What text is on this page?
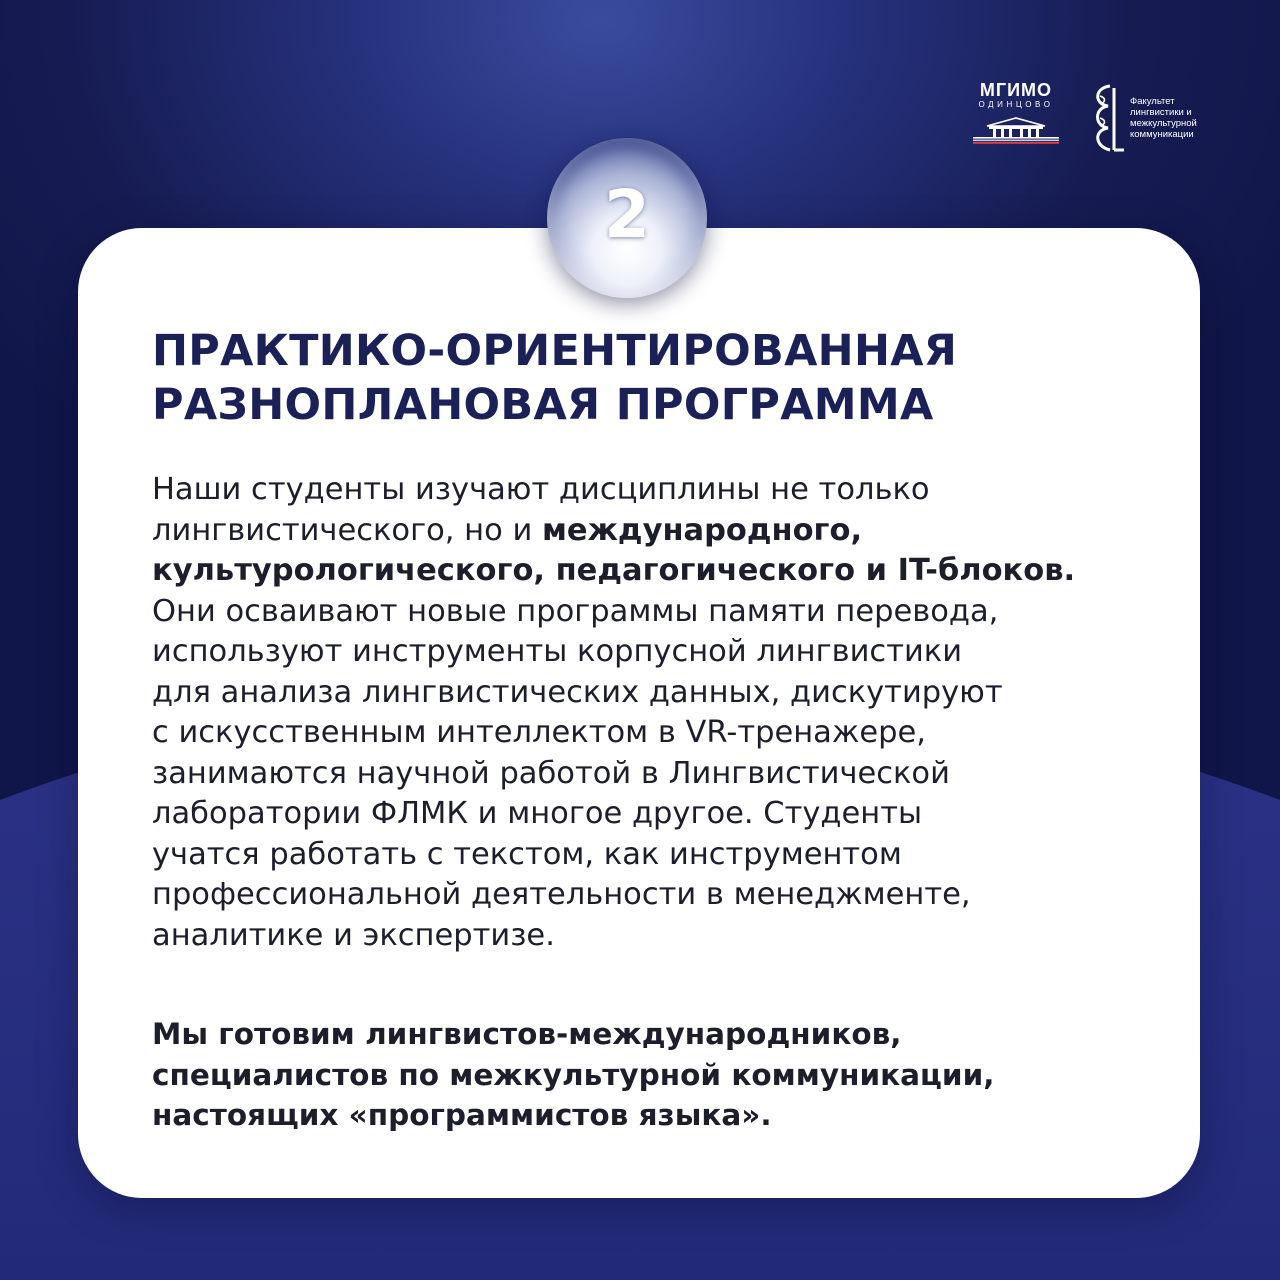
МГИМО
ОДИНЦОВО	Факультет
лингвистики и
межкультурной
коммуникации
2
ПРАКТИКО-ОРИЕНТИРОВАННАЯ
РАЗНОПЛАНОВАЯ ПРОГРАММА

Наши студенты изучают дисциплины не только
лингвистического, но и международного,
культурологического, педагогического и IT-блоков.
Они осваивают новые программы памяти перевода,
используют инструменты корпусной лингвистики
для анализа лингвистических данных, дискутируют
с искусственным интеллектом в VR-тренажере,
занимаются научной работой в Лингвистической
лаборатории ФЛМК и многое другое. Студенты
учатся работать с текстом, как инструментом
профессиональной деятельности в менеджменте,
аналитике и экспертизе.

Мы готовим лингвистов-международников,
специалистов по межкультурной коммуникации,
настоящих «программистов языка».
